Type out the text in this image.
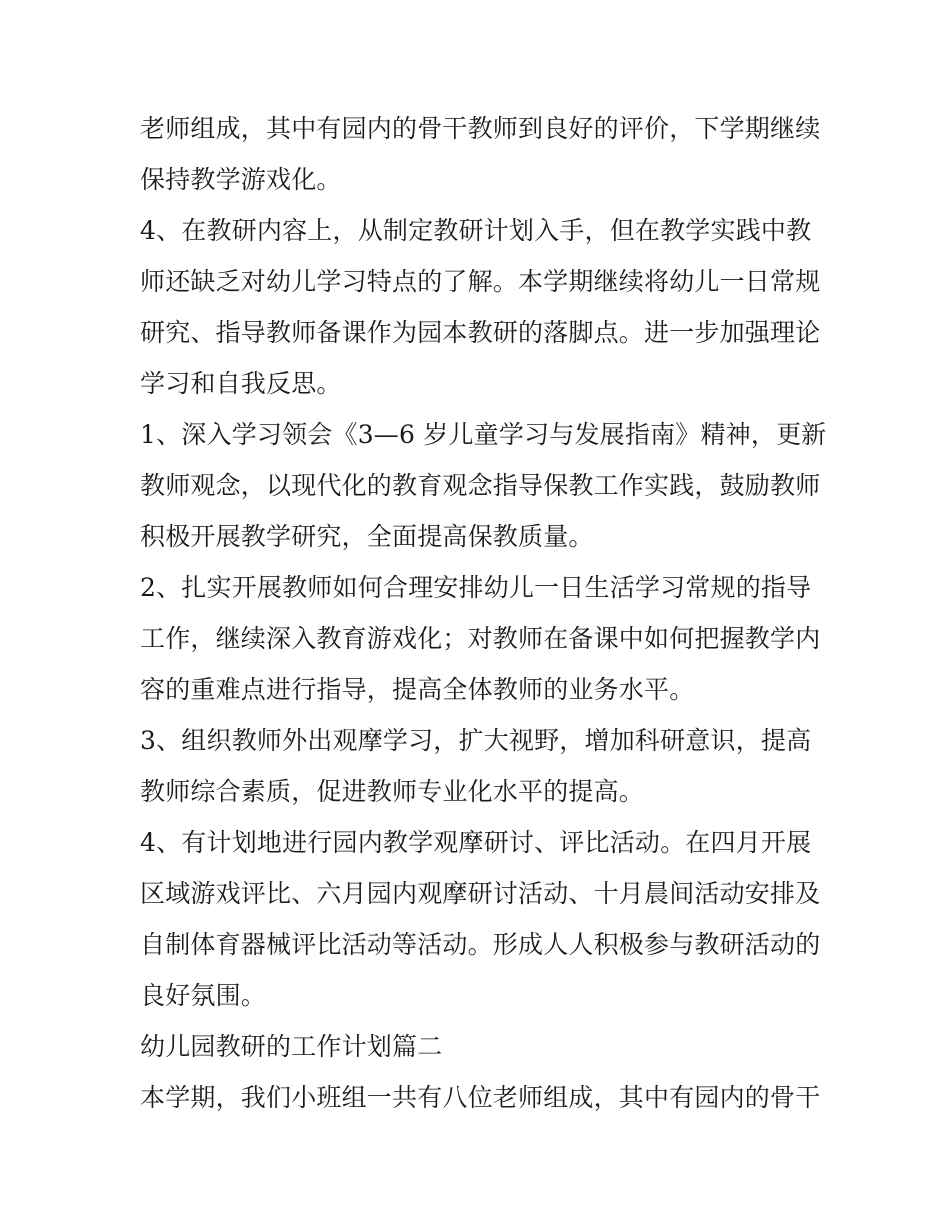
老师组成，其中有园内的骨干教师到良好的评价，下学期继续
保持教学游戏化。
4、在教研内容上，从制定教研计划入手，但在教学实践中教
师还缺乏对幼儿学习特点的了解。本学期继续将幼儿一日常规
研究、指导教师备课作为园本教研的落脚点。进一步加强理论
学习和自我反思。
1、深入学习领会《3—6 岁儿童学习与发展指南》精神，更新
教师观念，以现代化的教育观念指导保教工作实践，鼓励教师
积极开展教学研究，全面提高保教质量。
2、扎实开展教师如何合理安排幼儿一日生活学习常规的指导
工作，继续深入教育游戏化；对教师在备课中如何把握教学内
容的重难点进行指导，提高全体教师的业务水平。
3、组织教师外出观摩学习，扩大视野，增加科研意识，提高
教师综合素质，促进教师专业化水平的提高。
4、有计划地进行园内教学观摩研讨、评比活动。在四月开展
区域游戏评比、六月园内观摩研讨活动、十月晨间活动安排及
自制体育器械评比活动等活动。形成人人积极参与教研活动的
良好氛围。
幼儿园教研的工作计划篇二
本学期，我们小班组一共有八位老师组成，其中有园内的骨干
